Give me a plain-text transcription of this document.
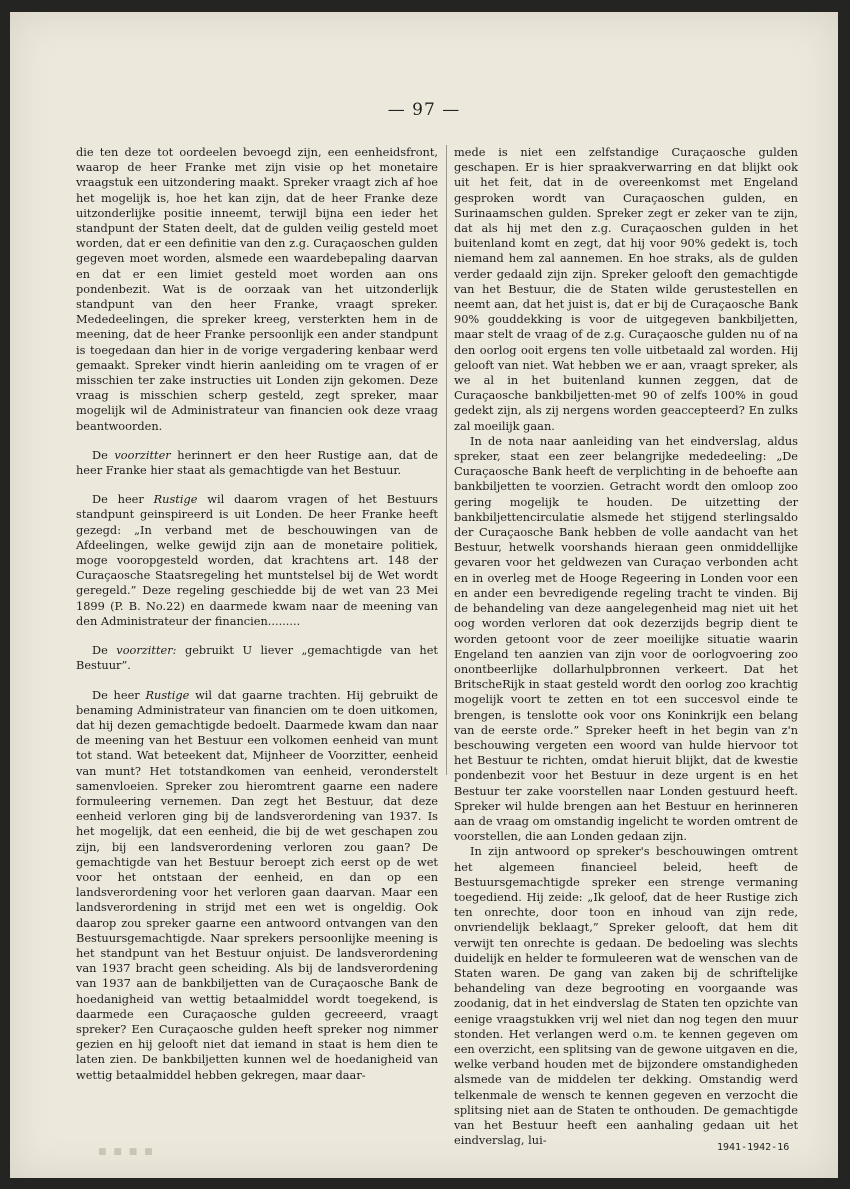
— 97 —

die ten deze tot oordeelen bevoegd zijn, een eenheidsfront, waarop de heer Franke met zijn visie op het monetaire vraagstuk een uitzondering maakt. Spreker vraagt zich af hoe het mogelijk is, hoe het kan zijn, dat de heer Franke deze uitzonderlijke positie inneemt, terwijl bijna een ieder het standpunt der Staten deelt, dat de gulden veilig gesteld moet worden, dat er een definitie van den z.g. Curaçaoschen gulden gegeven moet worden, alsmede een waardebepaling daarvan en dat er een limiet gesteld moet worden aan ons pondenbezit. Wat is de oorzaak van het uitzonderlijk standpunt van den heer Franke, vraagt spreker. Mededeelingen, die spreker kreeg, versterkten hem in de meening, dat de heer Franke persoonlijk een ander standpunt is toegedaan dan hier in de vorige vergadering kenbaar werd gemaakt. Spreker vindt hierin aanleiding om te vragen of er misschien ter zake instructies uit Londen zijn gekomen. Deze vraag is misschien scherp gesteld, zegt spreker, maar mogelijk wil de Administrateur van financien ook deze vraag beantwoorden.

De voorzitter herinnert er den heer Rustige aan, dat de heer Franke hier staat als gemachtigde van het Bestuur.

De heer Rustige wil daarom vragen of het Bestuurs standpunt geinspireerd is uit Londen. De heer Franke heeft gezegd: „In verband met de beschouwingen van de Afdeelingen, welke gewijd zijn aan de monetaire politiek, moge vooropgesteld worden, dat krachtens art. 148 der Curaçaosche Staatsregeling het muntstelsel bij de Wet wordt geregeld.” Deze regeling geschiedde bij de wet van 23 Mei 1899 (P. B. No.22) en daarmede kwam naar de meening van den Administrateur der financien.........

De voorzitter: gebruikt U liever „gemachtigde van het Bestuur”.

De heer Rustige wil dat gaarne trachten. Hij gebruikt de benaming Administrateur van financien om te doen uitkomen, dat hij dezen gemachtigde bedoelt. Daarmede kwam dan naar de meening van het Bestuur een volkomen eenheid van munt tot stand. Wat beteekent dat, Mijnheer de Voorzitter, eenheid van munt? Het totstandkomen van eenheid, veronderstelt samenvloeien. Spreker zou hieromtrent gaarne een nadere formuleering vernemen. Dan zegt het Bestuur, dat deze eenheid verloren ging bij de landsverordening van 1937. Is het mogelijk, dat een eenheid, die bij de wet geschapen zou zijn, bij een landsverordening verloren zou gaan? De gemachtigde van het Bestuur beroept zich eerst op de wet voor het ontstaan der eenheid, en dan op een landsverordening voor het verloren gaan daarvan. Maar een landsverordening in strijd met een wet is ongeldig. Ook daarop zou spreker gaarne een antwoord ontvangen van den Bestuursgemachtigde. Naar sprekers persoonlijke meening is het standpunt van het Bestuur onjuist. De landsverordening van 1937 bracht geen scheiding. Als bij de landsverordening van 1937 aan de bankbiljetten van de Curaçaosche Bank de hoedanigheid van wettig betaalmiddel wordt toegekend, is daarmede een Curaçaosche gulden gecreeerd, vraagt spreker? Een Curaçaosche gulden heeft spreker nog nimmer gezien en hij gelooft niet dat iemand in staat is hem dien te laten zien. De bankbiljetten kunnen wel de hoedanigheid van wettig betaalmiddel hebben gekregen, maar daar-

mede is niet een zelfstandige Curaçaosche gulden geschapen. Er is hier spraakverwarring en dat blijkt ook uit het feit, dat in de overeenkomst met Engeland gesproken wordt van Curaçaoschen gulden, en Surinaamschen gulden. Spreker zegt er zeker van te zijn, dat als hij met den z.g. Curaçaoschen gulden in het buitenland komt en zegt, dat hij voor 90% gedekt is, toch niemand hem zal aannemen. En hoe straks, als de gulden verder gedaald zijn zijn. Spreker gelooft den gemachtigde van het Bestuur, die de Staten wilde gerustestellen en neemt aan, dat het juist is, dat er bij de Curaçaosche Bank 90% gouddekking is voor de uitgegeven bankbiljetten, maar stelt de vraag of de z.g. Curaçaosche gulden nu of na den oorlog ooit ergens ten volle uitbetaald zal worden. Hij gelooft van niet. Wat hebben we er aan, vraagt spreker, als we al in het buitenland kunnen zeggen, dat de Curaçaosche bankbiljetten-met 90 of zelfs 100% in goud gedekt zijn, als zij nergens worden geaccepteerd? En zulks zal moeilijk gaan.

In de nota naar aanleiding van het eindverslag, aldus spreker, staat een zeer belangrijke mededeeling: „De Curaçaosche Bank heeft de verplichting in de behoefte aan bankbiljetten te voorzien. Getracht wordt den omloop zoo gering mogelijk te houden. De uitzetting der bankbiljettencirculatie alsmede het stijgend sterlingsaldo der Curaçaosche Bank hebben de volle aandacht van het Bestuur, hetwelk voorshands hieraan geen onmiddellijke gevaren voor het geldwezen van Curaçao verbonden acht en in overleg met de Hooge Regeering in Londen voor een en ander een bevredigende regeling tracht te vinden. Bij de behandeling van deze aangelegenheid mag niet uit het oog worden verloren dat ook dezerzijds begrip dient te worden getoont voor de zeer moeilijke situatie waarin Engeland ten aanzien van zijn voor de oorlogvoering zoo onontbeerlijke dollarhulpbronnen verkeert. Dat het BritscheRijk in staat gesteld wordt den oorlog zoo krachtig mogelijk voort te zetten en tot een succesvol einde te brengen, is tenslotte ook voor ons Koninkrijk een belang van de eerste orde.” Spreker heeft in het begin van z'n beschouwing vergeten een woord van hulde hiervoor tot het Bestuur te richten, omdat hieruit blijkt, dat de kwestie pondenbezit voor het Bestuur in deze urgent is en het Bestuur ter zake voorstellen naar Londen gestuurd heeft. Spreker wil hulde brengen aan het Bestuur en herinneren aan de vraag om omstandig ingelicht te worden omtrent de voorstellen, die aan Londen gedaan zijn.

In zijn antwoord op spreker's beschouwingen omtrent het algemeen financieel beleid, heeft de Bestuursgemachtigde spreker een strenge vermaning toegediend. Hij zeide: „Ik geloof, dat de heer Rustige zich ten onrechte, door toon en inhoud van zijn rede, onvriendelijk beklaagt,” Spreker gelooft, dat hem dit verwijt ten onrechte is gedaan. De bedoeling was slechts duidelijk en helder te formuleeren wat de wenschen van de Staten waren. De gang van zaken bij de schriftelijke behandeling van deze begrooting en voorgaande was zoodanig, dat in het eindverslag de Staten ten opzichte van eenige vraagstukken vrij wel niet dan nog tegen den muur stonden. Het verlangen werd o.m. te kennen gegeven om een overzicht, een splitsing van de gewone uitgaven en die, welke verband houden met de bijzondere omstandigheden alsmede van de middelen ter dekking. Omstandig werd telkenmale de wensch te kennen gegeven en verzocht die splitsing niet aan de Staten te onthouden. De gemachtigde van het Bestuur heeft een aanhaling gedaan uit het eindverslag, lui-

■ ■ ■ ■	1941-1942-16
